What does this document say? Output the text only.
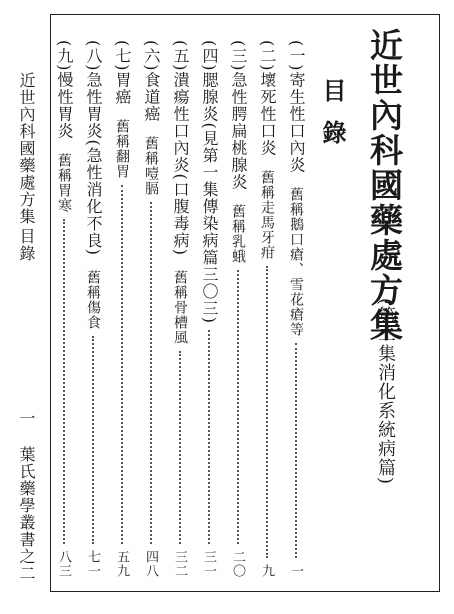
近世內科國藥處方集
目錄
一
葉氏藥學叢書之二
近世內科國藥處方集
(第二集消化系統病篇)
目錄
(一)寄生性口內炎
舊稱鵝口瘡、雪花瘡等
一
(二)壞死性口炎
舊稱走馬牙疳
九
(三)急性腭扁桃腺炎
舊稱乳蛾
二〇
(四)腮腺炎(見第一集傳染病篇三〇三)
三一
(五)潰瘍性口內炎(口腹毒病)
舊稱骨槽風
三二
(六)食道癌
舊稱噎膈
四八
(七)胃癌
舊稱翻胃
五九
(八)急性胃炎(急性消化不良)
舊稱傷食
七一
(九)慢性胃炎
舊稱胃寒
八三
